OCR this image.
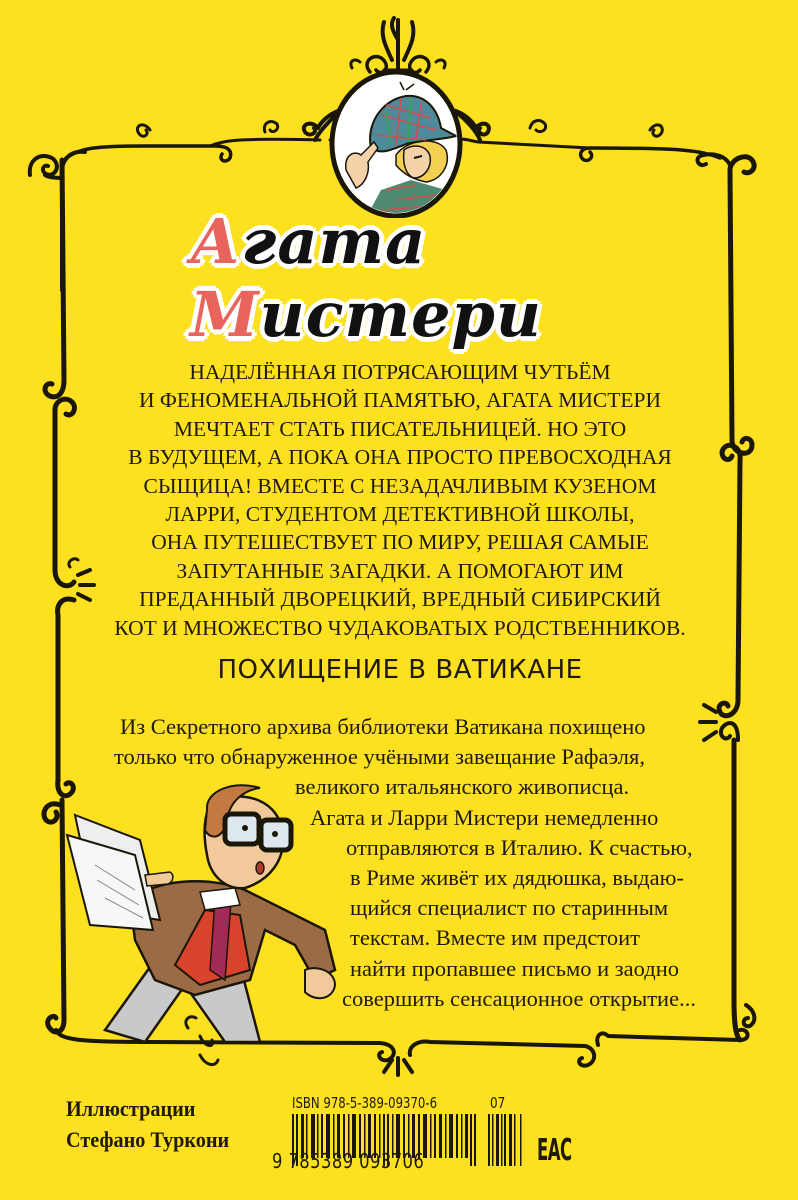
Агата Мистери
НАДЕЛЁННАЯ ПОТРЯСАЮЩИМ ЧУТЬЁМ
И ФЕНОМЕНАЛЬНОЙ ПАМЯТЬЮ, АГАТА МИСТЕРИ
МЕЧТАЕТ СТАТЬ ПИСАТЕЛЬНИЦЕЙ. НО ЭТО
В БУДУЩЕМ, А ПОКА ОНА ПРОСТО ПРЕВОСХОДНАЯ
СЫЩИЦА! ВМЕСТЕ С НЕЗАДАЧЛИВЫМ КУЗЕНОМ
ЛАРРИ, СТУДЕНТОМ ДЕТЕКТИВНОЙ ШКОЛЫ,
ОНА ПУТЕШЕСТВУЕТ ПО МИРУ, РЕШАЯ САМЫЕ
ЗАПУТАННЫЕ ЗАГАДКИ. А ПОМОГАЮТ ИМ
ПРЕДАННЫЙ ДВОРЕЦКИЙ, ВРЕДНЫЙ СИБИРСКИЙ
КОТ И МНОЖЕСТВО ЧУДАКОВАТЫХ РОДСТВЕННИКОВ.
ПОХИЩЕНИЕ В ВАТИКАНЕ
Из Секретного архива библиотеки Ватикана похищено
только что обнаруженное учёными завещание Рафаэля,
великого итальянского живописца.
Агата и Ларри Мистери немедленно
отправляются в Италию. К счастью,
в Риме живёт их дядюшка, выдаю-
щийся специалист по старинным
текстам. Вместе им предстоит
найти пропавшее письмо и заодно
совершить сенсационное открытие...
Иллюстрации
Стефано Туркони
ISBN 978-5-389-09370-6	07
9 785389 093706	ЕАС
